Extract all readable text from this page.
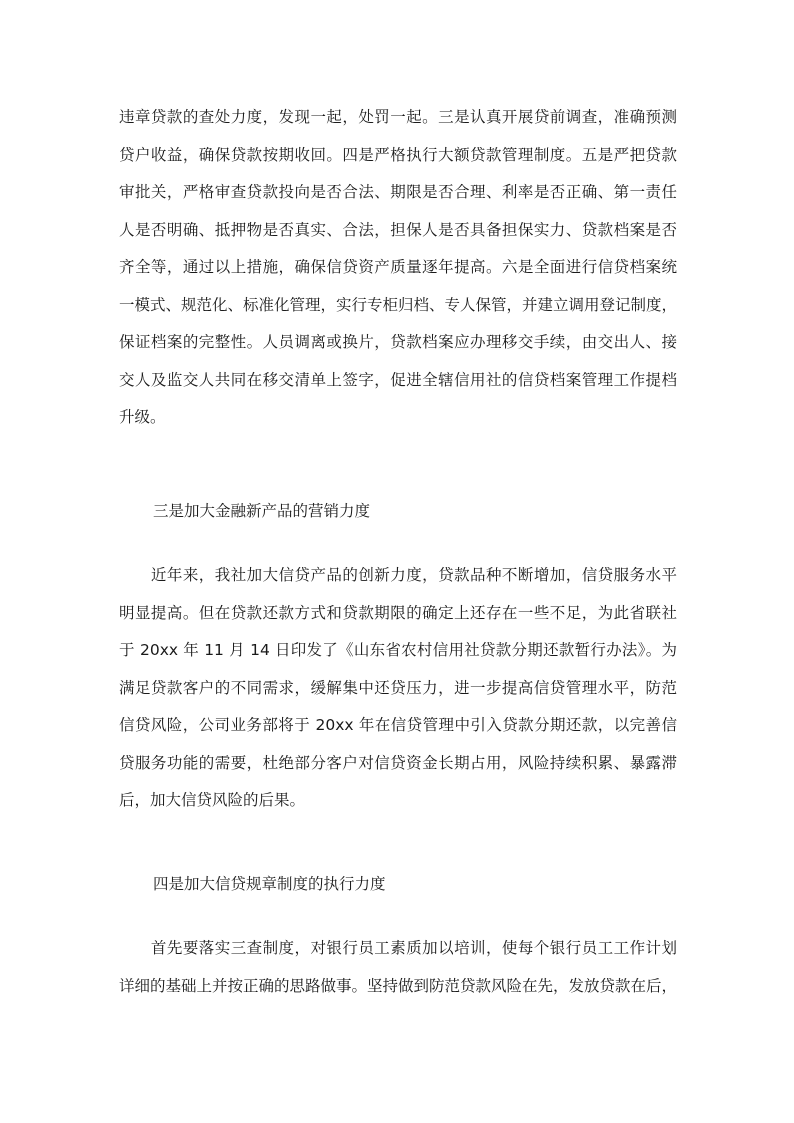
违章贷款的查处力度，发现一起，处罚一起。三是认真开展贷前调查，准确预测
贷户收益，确保贷款按期收回。四是严格执行大额贷款管理制度。五是严把贷款
审批关，严格审查贷款投向是否合法、期限是否合理、利率是否正确、第一责任
人是否明确、抵押物是否真实、合法，担保人是否具备担保实力、贷款档案是否
齐全等，通过以上措施，确保信贷资产质量逐年提高。六是全面进行信贷档案统
一模式、规范化、标准化管理，实行专柜归档、专人保管，并建立调用登记制度，
保证档案的完整性。人员调离或换片，贷款档案应办理移交手续，由交出人、接
交人及监交人共同在移交清单上签字，促进全辖信用社的信贷档案管理工作提档
升级。

三是加大金融新产品的营销力度

　　近年来，我社加大信贷产品的创新力度，贷款品种不断增加，信贷服务水平
明显提高。但在贷款还款方式和贷款期限的确定上还存在一些不足，为此省联社
于 20xx 年 11 月 14 日印发了《山东省农村信用社贷款分期还款暂行办法》。为
满足贷款客户的不同需求，缓解集中还贷压力，进一步提高信贷管理水平，防范
信贷风险，公司业务部将于 20xx 年在信贷管理中引入贷款分期还款，以完善信
贷服务功能的需要，杜绝部分客户对信贷资金长期占用，风险持续积累、暴露滞
后，加大信贷风险的后果。

四是加大信贷规章制度的执行力度

　　首先要落实三查制度，对银行员工素质加以培训，使每个银行员工工作计划
详细的基础上并按正确的思路做事。坚持做到防范贷款风险在先，发放贷款在后，
